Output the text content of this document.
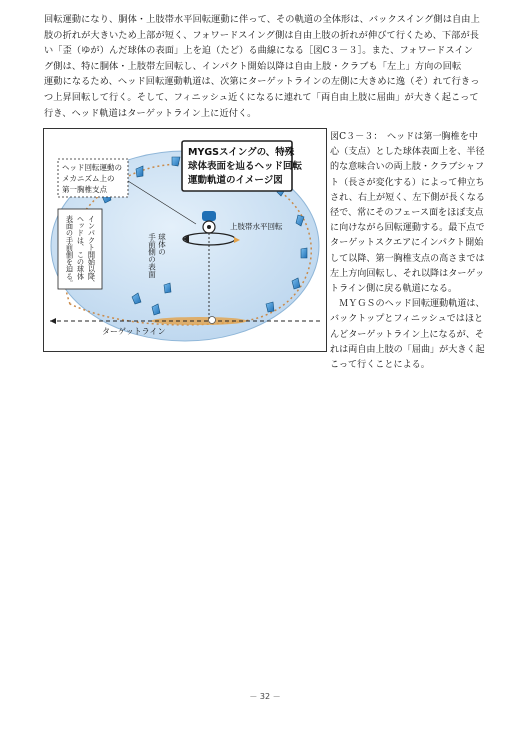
回転運動になり、胴体・上肢帯水平回転運動に伴って、その軌道の全体形は、バックスイング側は自由上
肢の折れが大きいため上部が短く、フォワードスイング側は自由上肢の折れが伸びて行くため、下部が長
い「歪（ゆが）んだ球体の表面」上を迫（たど）る曲線になる［図C３－３］。また、フォワードスイン
グ側は、特に胴体・上肢帯左回転し、インパクト開始以降は自由上肢・クラブも「左上」方向の回転
運動になるため、ヘッド回転運動軌道は、次第にターゲットラインの左側に大きめに逸（そ）れて行きっ
つ上昇回転して行く。そして、フィニッシュ近くになるに連れて「両自由上肢に屈曲」が大きく起こって
行き、ヘッド軌道はターゲットライン上に近付く。
ターゲットライン
上肢帯水平回転
MYGSスイングの、特殊
球体表面を辿るヘッド回転
運動軌道のイメージ図
ヘッド回転運動の
メカニズム上の
第一胸椎支点
球体の
手前側の表面
インパクト開始以降、
ヘッドは、この球体
表面の手前側を迫る。

図C３－３：　ヘッドは第一胸椎を中
心（支点）とした球体表面上を、半径
的な意味合いの両上肢・クラブシャフ
ト（長さが変化する）によって伸立ち
され、右上が短く、左下側が長くなる
径で、常にそのフェース面をほぼ支点
に向けながら回転運動する。最下点で
ターゲットスクエアにインパクト開始
して以降、第一胸椎支点の高さまでは
左上方向回転し、それ以降はターゲッ
トライン側に戻る軌道になる。

ＭＹＧＳのヘッド回転運動軌道は、
バックトップとフィニッシュではほと
んどターゲットライン上になるが、そ
れは両自由上肢の「屈曲」が大きく起
こって行くことによる。

－ 32 －
